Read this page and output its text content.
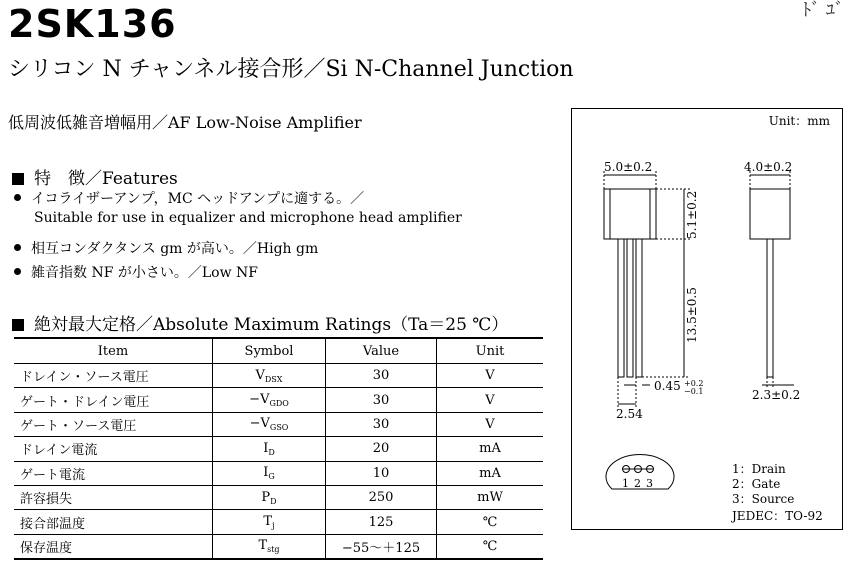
2SK136	ﾄﾞ ﾕﾞ
シリコン N チャンネル接合形／Si N-Channel Junction
低周波低雑音増幅用／AF Low-Noise Amplifier
特　徴／Features
イコライザーアンプ，MC ヘッドアンプに適する。／
Suitable for use in equalizer and microphone head amplifier
相互コンダクタンス gm が高い。／High gm
雑音指数 NF が小さい。／Low NF
絶対最大定格／Absolute Maximum Ratings（Ta＝25 ℃）
Item	Symbol	Value	Unit
ドレイン・ソース電圧	$V_{DSX}$	30	V
ゲート・ドレイン電圧	$-V_{GDO}$	30	V
ゲート・ソース電圧	$-V_{GSO}$	30	V
ドレイン電流	$I_D$	20	mA
ゲート電流	$I_G$	10	mA
許容損失	$P_D$	250	mW
接合部温度	$T_j$	125	℃
保存温度	$T_{stg}$	−55～＋125	℃
Unit：mm
5.0±0.2	4.0±0.2
5.1±0.2
13.5±0.5
0.45 +0.2
−0.1
2.54
2.3±0.2
1 2 3
1：Drain
2：Gate
3：Source
JEDEC：TO-92
